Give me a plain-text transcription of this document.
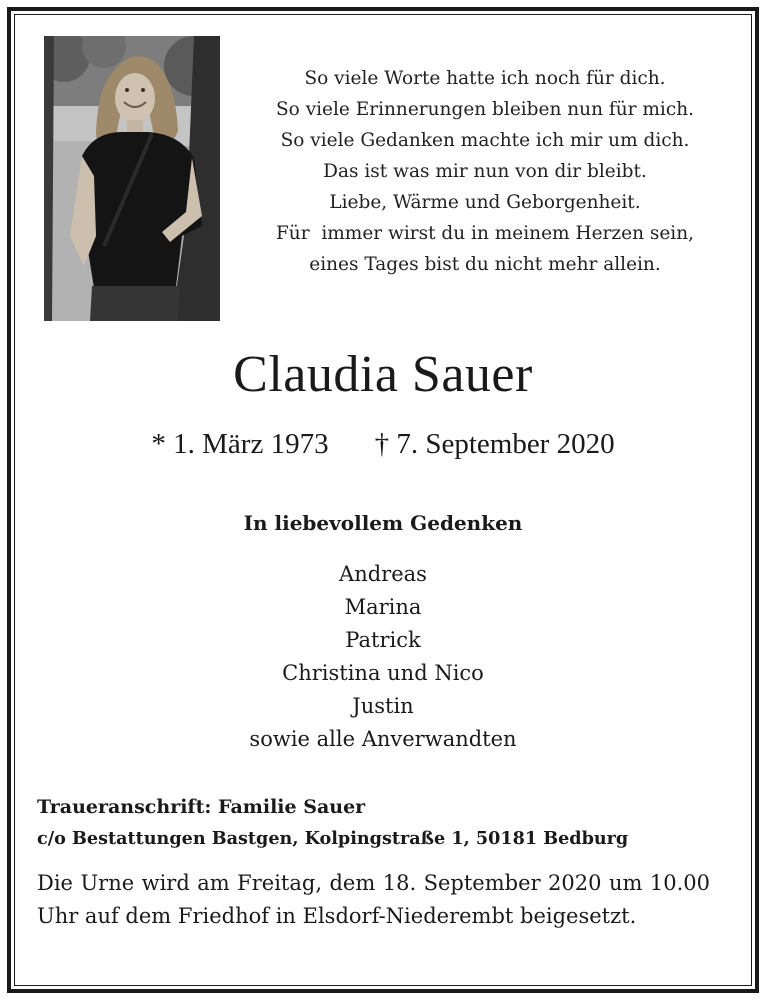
So viele Worte hatte ich noch für dich.
So viele Erinnerungen bleiben nun für mich.
So viele Gedanken machte ich mir um dich.
Das ist was mir nun von dir bleibt.
Liebe, Wärme und Geborgenheit.
Für  immer wirst du in meinem Herzen sein,
eines Tages bist du nicht mehr allein.
Claudia Sauer
* 1. März 1973 † 7. September 2020
In liebevollem Gedenken
Andreas
Marina
Patrick
Christina und Nico
Justin
sowie alle Anverwandten
Traueranschrift: Familie Sauer
c/o Bestattungen Bastgen, Kolpingstraße 1, 50181 Bedburg
Die Urne wird am Freitag, dem 18. September 2020 um 10.00 Uhr auf dem Friedhof in Elsdorf-Niederembt beigesetzt.
